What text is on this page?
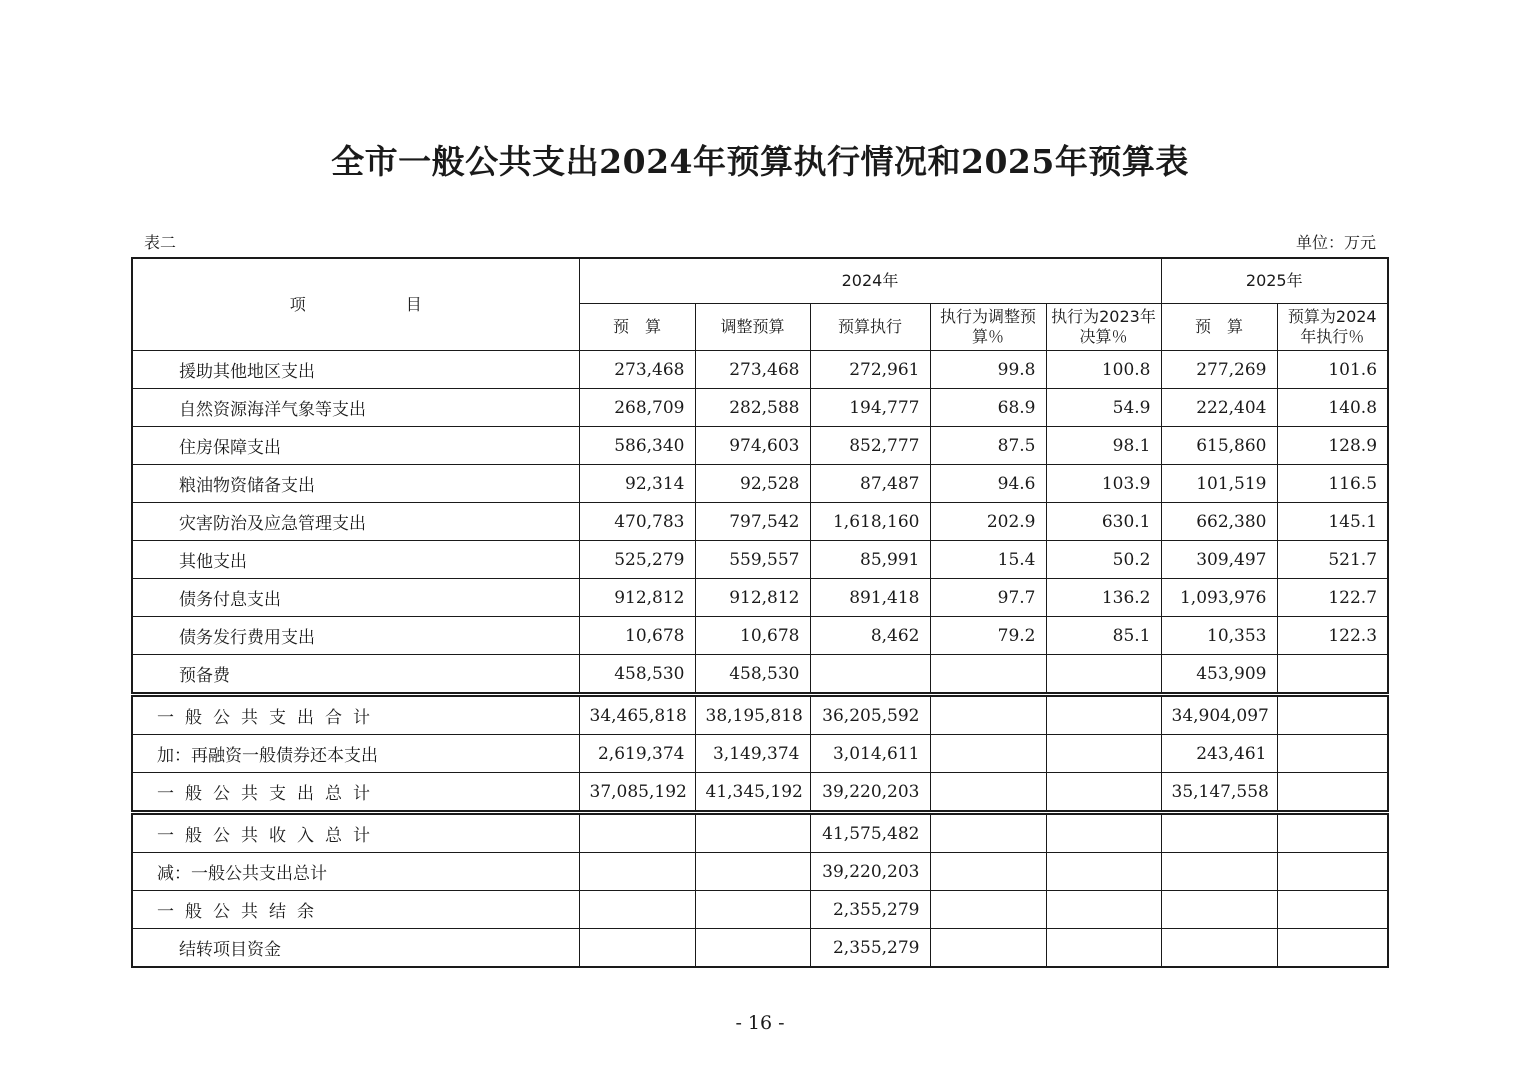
全市一般公共支出2024年预算执行情况和2025年预算表
表二	单位：万元
项 目	2024年					2025年	
	预　算	调整预算	预算执行	执行为调整预算％	执行为2023年决算％	预　算	预算为2024年执行％
援助其他地区支出	273,468	273,468	272,961	99.8	100.8	277,269	101.6
自然资源海洋气象等支出	268,709	282,588	194,777	68.9	54.9	222,404	140.8
住房保障支出	586,340	974,603	852,777	87.5	98.1	615,860	128.9
粮油物资储备支出	92,314	92,528	87,487	94.6	103.9	101,519	116.5
灾害防治及应急管理支出	470,783	797,542	1,618,160	202.9	630.1	662,380	145.1
其他支出	525,279	559,557	85,991	15.4	50.2	309,497	521.7
债务付息支出	912,812	912,812	891,418	97.7	136.2	1,093,976	122.7
债务发行费用支出	10,678	10,678	8,462	79.2	85.1	10,353	122.3
预备费	458,530	458,530				453,909	
一般公共支出合计	34,465,818	38,195,818	36,205,592			34,904,097	
加：再融资一般债券还本支出	2,619,374	3,149,374	3,014,611			243,461	
一般公共支出总计	37,085,192	41,345,192	39,220,203			35,147,558	
一般公共收入总计			41,575,482				
减：一般公共支出总计			39,220,203				
一般公共结余			2,355,279				
结转项目资金			2,355,279				
- 16 -
